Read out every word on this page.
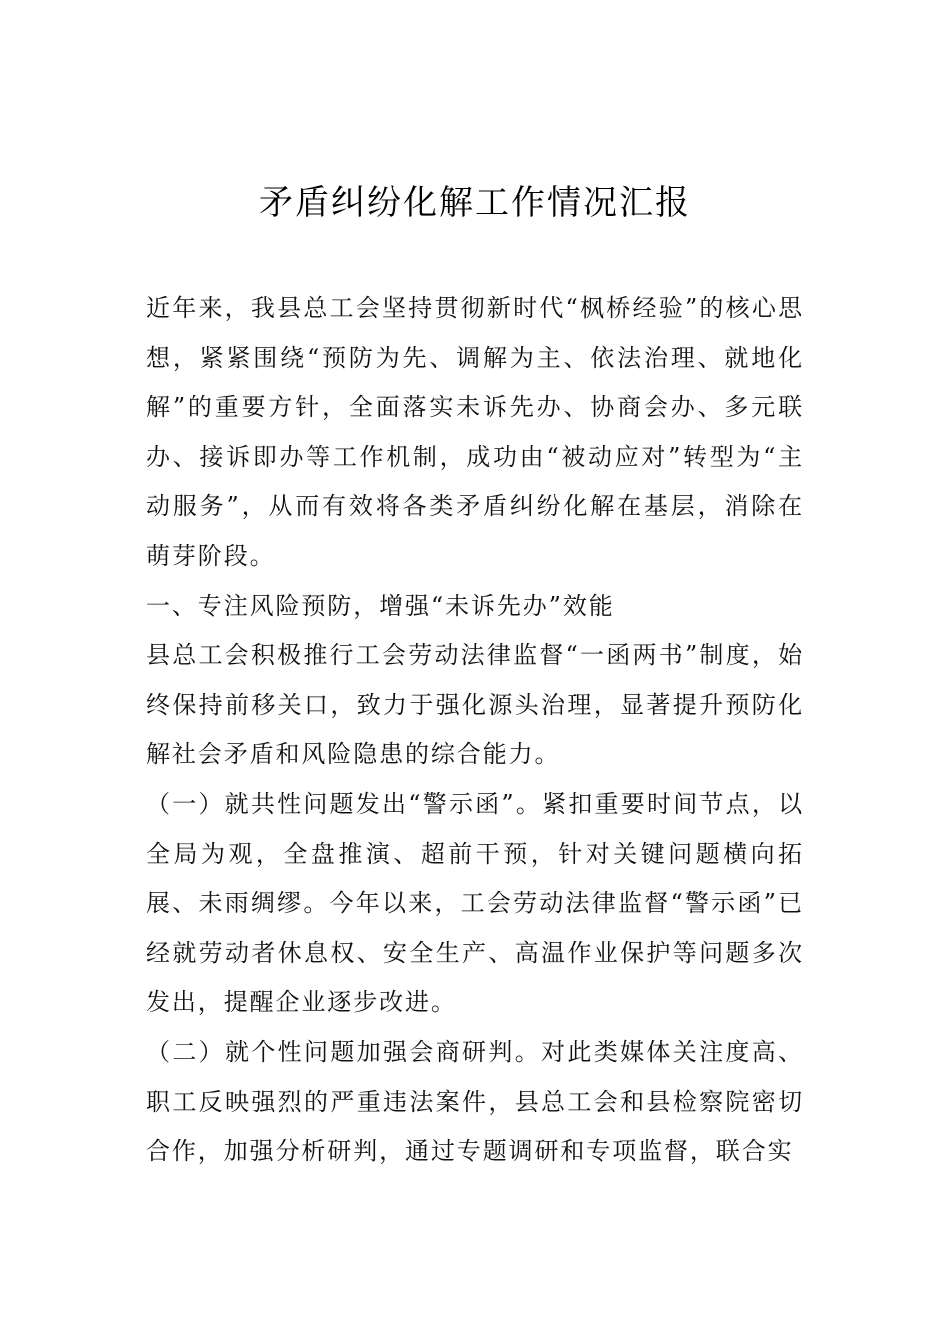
矛盾纠纷化解工作情况汇报

近年来，我县总工会坚持贯彻新时代“枫桥经验”的核心思想，紧紧围绕“预防为先、调解为主、依法治理、就地化解”的重要方针，全面落实未诉先办、协商会办、多元联办、接诉即办等工作机制，成功由“被动应对”转型为“主动服务”，从而有效将各类矛盾纠纷化解在基层，消除在萌芽阶段。

一、专注风险预防，增强“未诉先办”效能

县总工会积极推行工会劳动法律监督“一函两书”制度，始终保持前移关口，致力于强化源头治理，显著提升预防化解社会矛盾和风险隐患的综合能力。

（一）就共性问题发出“警示函”。紧扣重要时间节点，以全局为观，全盘推演、超前干预，针对关键问题横向拓展、未雨绸缪。今年以来，工会劳动法律监督“警示函”已经就劳动者休息权、安全生产、高温作业保护等问题多次发出，提醒企业逐步改进。

（二）就个性问题加强会商研判。对此类媒体关注度高、职工反映强烈的严重违法案件，县总工会和县检察院密切合作，加强分析研判，通过专题调研和专项监督，联合实
